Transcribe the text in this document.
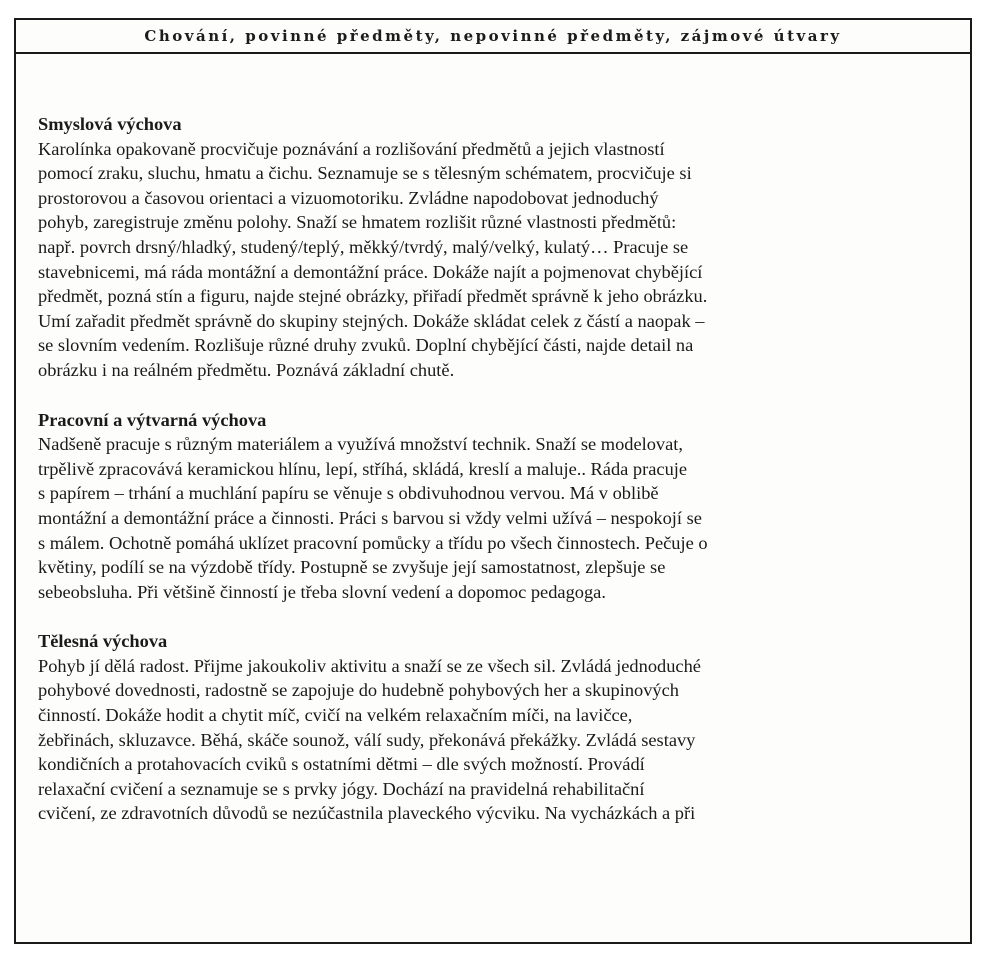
Chování, povinné předměty, nepovinné předměty, zájmové útvary
Smyslová výchova
Karolínka opakovaně procvičuje poznávání a rozlišování předmětů a jejich vlastností
pomocí zraku, sluchu, hmatu a čichu. Seznamuje se s tělesným schématem, procvičuje si
prostorovou a časovou orientaci a vizuomotoriku. Zvládne napodobovat jednoduchý
pohyb, zaregistruje změnu polohy. Snaží se hmatem rozlišit různé vlastnosti předmětů:
např. povrch drsný/hladký, studený/teplý, měkký/tvrdý, malý/velký, kulatý… Pracuje se
stavebnicemi, má ráda montážní a demontážní práce. Dokáže najít a pojmenovat chybějící
předmět, pozná stín a figuru, najde stejné obrázky, přiřadí předmět správně k jeho obrázku.
Umí zařadit předmět správně do skupiny stejných. Dokáže skládat celek z částí a naopak –
se slovním vedením. Rozlišuje různé druhy zvuků. Doplní chybějící části, najde detail na
obrázku i na reálném předmětu. Poznává základní chutě.
Pracovní a výtvarná výchova
Nadšeně pracuje s různým materiálem a využívá množství technik. Snaží se modelovat,
trpělivě zpracovává keramickou hlínu, lepí, stříhá, skládá, kreslí a maluje.. Ráda pracuje
s papírem – trhání a muchlání papíru se věnuje s obdivuhodnou vervou. Má v oblibě
montážní a demontážní práce a činnosti. Práci s barvou si vždy velmi užívá – nespokojí se
s málem. Ochotně pomáhá uklízet pracovní pomůcky a třídu po všech činnostech. Pečuje o
květiny, podílí se na výzdobě třídy. Postupně se zvyšuje její samostatnost, zlepšuje se
sebeobsluha. Při většině činností je třeba slovní vedení a dopomoc pedagoga.
Tělesná výchova
Pohyb jí dělá radost. Přijme jakoukoliv aktivitu a snaží se ze všech sil. Zvládá jednoduché
pohybové dovednosti, radostně se zapojuje do hudebně pohybových her a skupinových
činností. Dokáže hodit a chytit míč, cvičí na velkém relaxačním míči, na lavičce,
žebřinách, skluzavce. Běhá, skáče sounož, válí sudy, překonává překážky. Zvládá sestavy
kondičních a protahovacích cviků s ostatními dětmi – dle svých možností. Provádí
relaxační cvičení a seznamuje se s prvky jógy. Dochází na pravidelná rehabilitační
cvičení, ze zdravotních důvodů se nezúčastnila plaveckého výcviku. Na vycházkách a při
